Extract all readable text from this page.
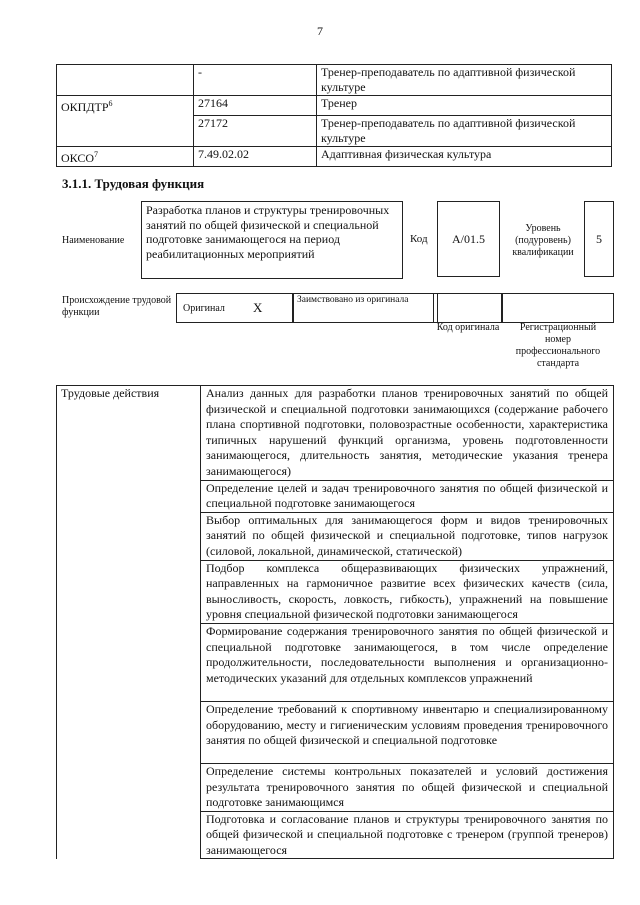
7
	-	Тренер-преподаватель по адаптивной физической культуре
ОКПДТР$^6$	27164	Тренер
	27172	Тренер-преподаватель по адаптивной физической культуре
ОКСО$^7$	7.49.02.02	Адаптивная физическая культура
3.1.1. Трудовая функция
Наименование
Разработка планов и структуры тренировочных занятий по общей физической и специальной подготовке занимающегося на период реабилитационных мероприятий
Код	А/01.5
Уровень (подуровень) квалификации
5
Происхождение трудовой функции	Оригинал X	Заимствовано из оригинала
Код оригинала	Регистрационный номер профессионального стандарта
Трудовые действия	Анализ данных для разработки планов тренировочных занятий по общей физической и специальной подготовки занимающихся (содержание рабочего плана спортивной подготовки, половозрастные особенности, характеристика типичных нарушений функций организма, уровень подготовленности занимающегося, длительность занятия, методические указания тренера занимающегося)
Определение целей и задач тренировочного занятия по общей физической и специальной подготовке занимающегося
Выбор оптимальных для занимающегося форм и видов тренировочных занятий по общей физической и специальной подготовке, типов нагрузок (силовой, локальной, динамической, статической)
Подбор комплекса общеразвивающих физических упражнений, направленных на гармоничное развитие всех физических качеств (сила, выносливость, скорость, ловкость, гибкость), упражнений на повышение уровня специальной физической подготовки занимающегося
Формирование содержания тренировочного занятия по общей физической и специальной подготовке занимающегося, в том числе определение продолжительности, последовательности выполнения и организационно-методических указаний для отдельных комплексов упражнений
Определение требований к спортивному инвентарю и специализированному оборудованию, месту и гигиеническим условиям проведения тренировочного занятия по общей физической и специальной подготовке
Определение системы контрольных показателей и условий достижения результата тренировочного занятия по общей физической и специальной подготовке занимающимся
Подготовка и согласование планов и структуры тренировочного занятия по общей физической и специальной подготовке с тренером (группой тренеров) занимающегося
